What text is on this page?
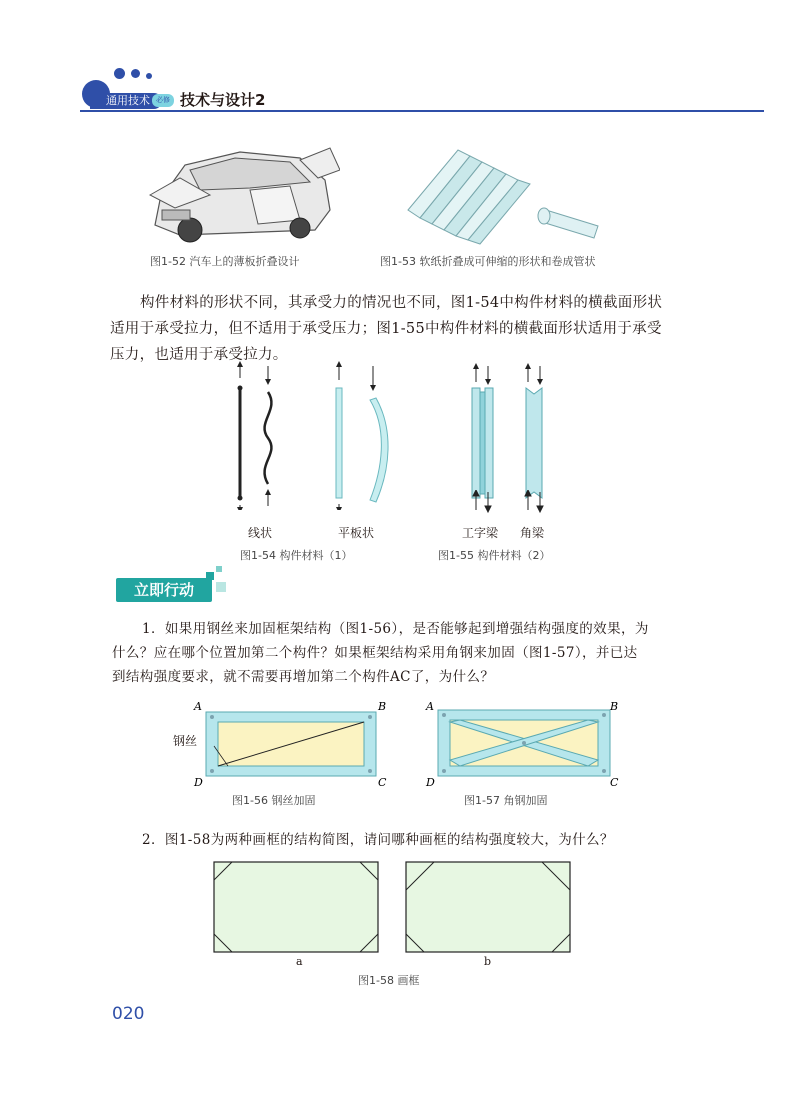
通用技术 必修 技术与设计2
图1-52 汽车上的薄板折叠设计	图1-53 软纸折叠成可伸缩的形状和卷成管状

构件材料的形状不同，其承受力的情况也不同，图1-54中构件材料的横截面形状

适用于承受拉力，但不适用于承受压力；图1-55中构件材料的横截面形状适用于承受

压力，也适用于承受拉力。

线状	平板状	工字梁 角梁
图1-54 构件材料（1）	图1-55 构件材料（2）
立即行动
1．如果用钢丝来加固框架结构（图1-56），是否能够起到增强结构强度的效果，为
什么？应在哪个位置加第二个构件？如果框架结构采用角钢来加固（图1-57），并已达
到结构强度要求，就不需要再增加第二个构件AC了，为什么？
A	B
D	C
钢丝
A	B
D	C
图1-56 钢丝加固	图1-57 角钢加固
2．图1-58为两种画框的结构简图，请问哪种画框的结构强度较大，为什么？
a	b
图1-58 画框
020
